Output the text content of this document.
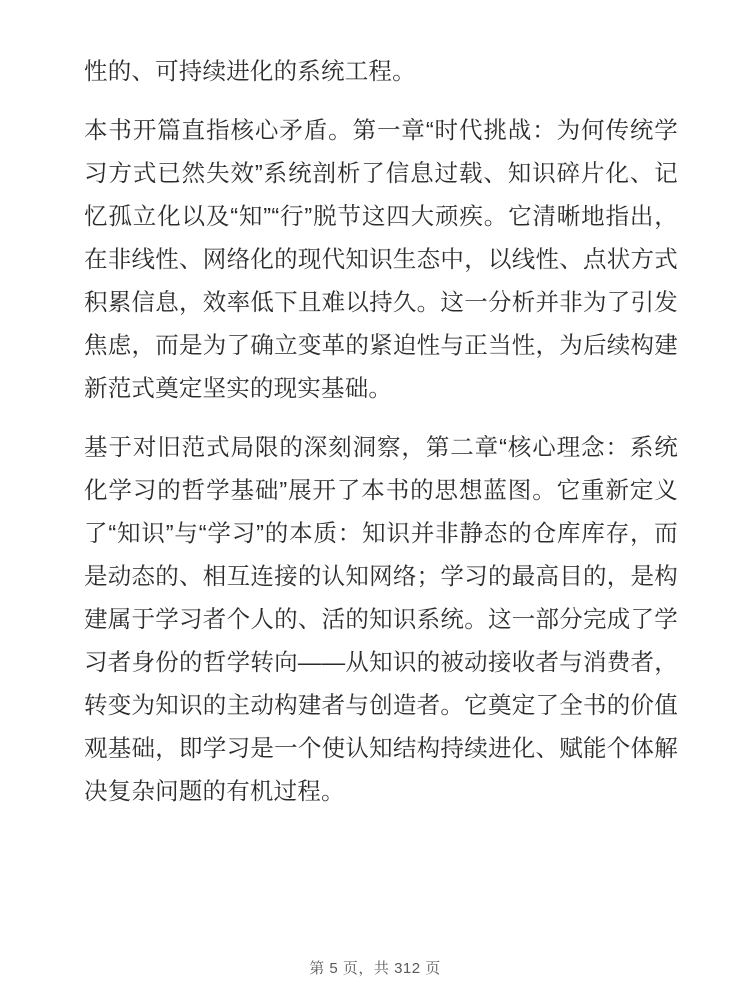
性的、可持续进化的系统工程。

本书开篇直指核心矛盾。第一章“时代挑战：为何传统学习方式已然失效”系统剖析了信息过载、知识碎片化、记忆孤立化以及“知”“行”脱节这四大顽疾。它清晰地指出，在非线性、网络化的现代知识生态中，以线性、点状方式积累信息，效率低下且难以持久。这一分析并非为了引发焦虑，而是为了确立变革的紧迫性与正当性，为后续构建新范式奠定坚实的现实基础。

基于对旧范式局限的深刻洞察，第二章“核心理念：系统化学习的哲学基础”展开了本书的思想蓝图。它重新定义了“知识”与“学习”的本质：知识并非静态的仓库库存，而是动态的、相互连接的认知网络；学习的最高目的，是构建属于学习者个人的、活的知识系统。这一部分完成了学习者身份的哲学转向——从知识的被动接收者与消费者，转变为知识的主动构建者与创造者。它奠定了全书的价值观基础，即学习是一个使认知结构持续进化、赋能个体解决复杂问题的有机过程。

第 5 页，共 312 页
